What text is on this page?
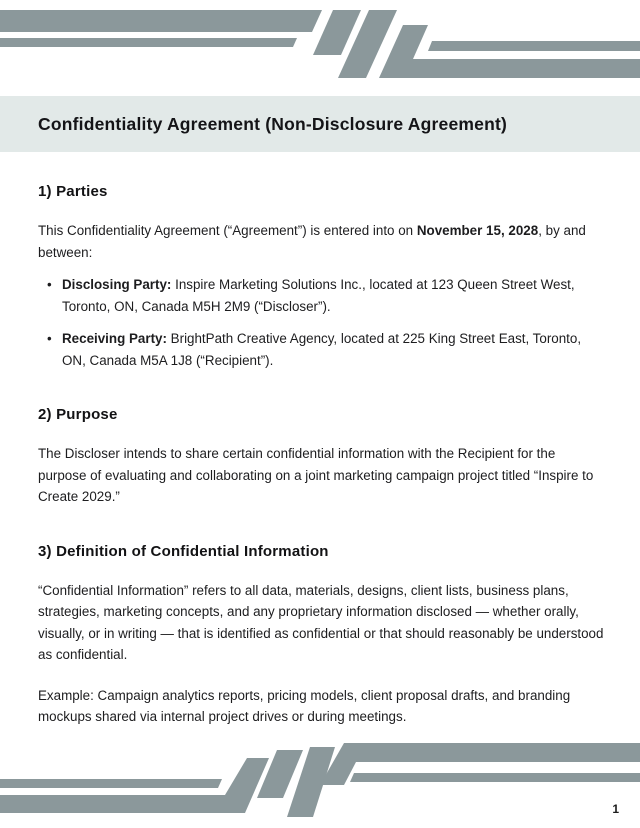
Confidentiality Agreement (Non-Disclosure Agreement)
1) Parties

This Confidentiality Agreement (“Agreement”) is entered into on November 15, 2028, by and between:

• Disclosing Party: Inspire Marketing Solutions Inc., located at 123 Queen Street West, Toronto, ON, Canada M5H 2M9 (“Discloser”).
• Receiving Party: BrightPath Creative Agency, located at 225 King Street East, Toronto, ON, Canada M5A 1J8 (“Recipient”).
2) Purpose

The Discloser intends to share certain confidential information with the Recipient for the purpose of evaluating and collaborating on a joint marketing campaign project titled “Inspire to Create 2029.”

3) Definition of Confidential Information

“Confidential Information” refers to all data, materials, designs, client lists, business plans, strategies, marketing concepts, and any proprietary information disclosed — whether orally, visually, or in writing — that is identified as confidential or that should reasonably be understood as confidential.

Example: Campaign analytics reports, pricing models, client proposal drafts, and branding mockups shared via internal project drives or during meetings.

1
